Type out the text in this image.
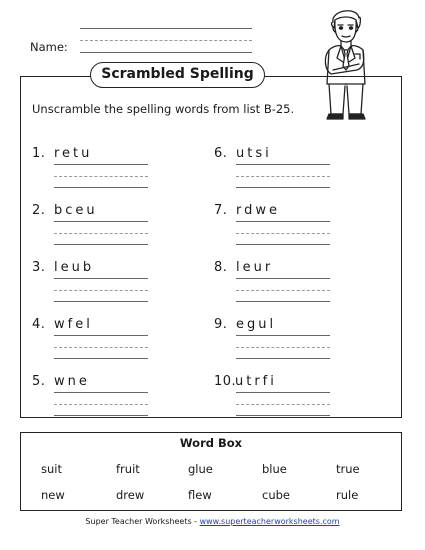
Name:
Scrambled Spelling
Unscramble the spelling words from list B-25.
1. retu
2. bceu
3. leub
4. wfel
5. wne
6. utsi
7. rdwe
8. leur
9. egul
10.
utrfi
Word Box
suit	fruit	glue	blue	true
new	drew	flew	cube	rule
Super Teacher Worksheets - www.superteacherworksheets.com
